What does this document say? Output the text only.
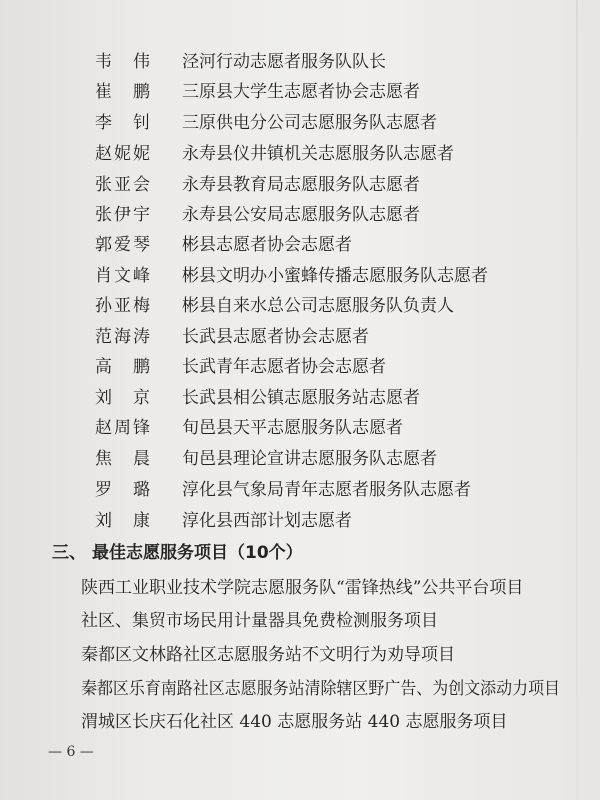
韦　伟 泾河行动志愿者服务队队长
崔　鹏 三原县大学生志愿者协会志愿者
李　钊 三原供电分公司志愿服务队志愿者
赵妮妮 永寿县仪井镇机关志愿服务队志愿者
张亚会 永寿县教育局志愿服务队志愿者
张伊宇 永寿县公安局志愿服务队志愿者
郭爱琴 彬县志愿者协会志愿者
肖文峰 彬县文明办小蜜蜂传播志愿服务队志愿者
孙亚梅 彬县自来水总公司志愿服务队负责人
范海涛 长武县志愿者协会志愿者
高　鹏 长武青年志愿者协会志愿者
刘　京 长武县相公镇志愿服务站志愿者
赵周锋 旬邑县天平志愿服务队志愿者
焦　晨 旬邑县理论宣讲志愿服务队志愿者
罗　璐 淳化县气象局青年志愿者服务队志愿者
刘　康 淳化县西部计划志愿者
三、 最佳志愿服务项目（10个）
陕西工业职业技术学院志愿服务队“雷锋热线”公共平台项目
社区、集贸市场民用计量器具免费检测服务项目
秦都区文林路社区志愿服务站不文明行为劝导项目
秦都区乐育南路社区志愿服务站清除辖区野广告、为创文添动力项目
渭城区长庆石化社区 440 志愿服务站 440 志愿服务项目
— 6 —
